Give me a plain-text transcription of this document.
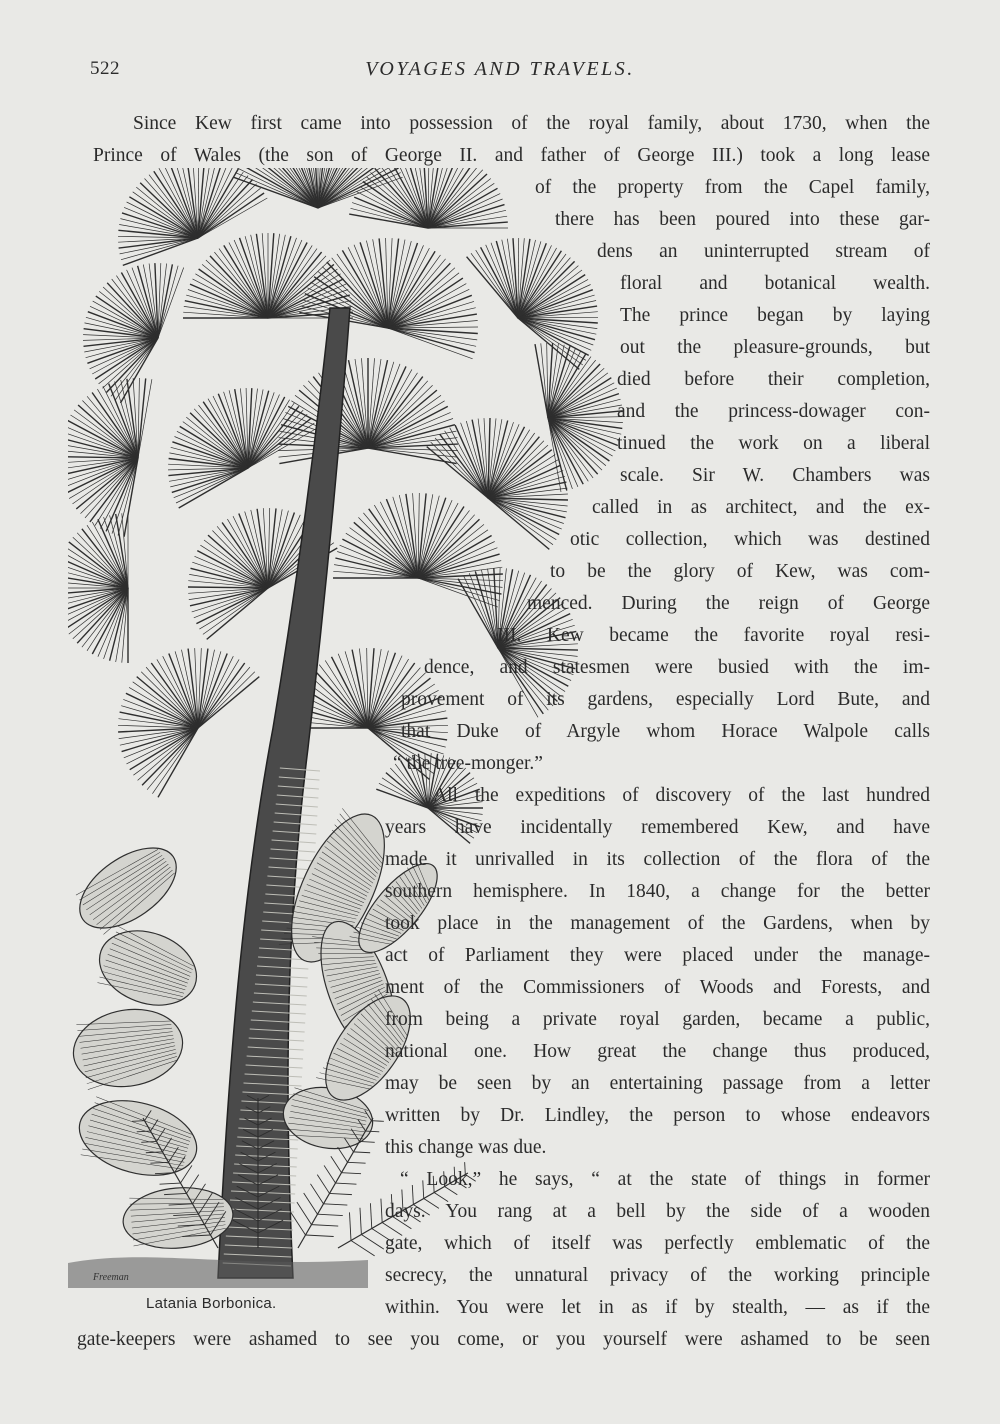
522	VOYAGES AND TRAVELS.
Freeman
Latania Borbonica.
Since Kew first came into possession of the royal family, about 1730, when the
Prince of Wales (the son of George II. and father of George III.) took a long lease
of the property from the Capel family,
there has been poured into these gar-
dens an uninterrupted stream of
floral and botanical wealth.
The prince began by laying
out the pleasure-grounds, but
died before their completion,
and the princess-dowager con-
tinued the work on a liberal
scale. Sir W. Chambers was
called in as architect, and the ex-
otic collection, which was destined
to be the glory of Kew, was com-
menced. During the reign of George
III. Kew became the favorite royal resi-
dence, and statesmen were busied with the im-
provement of its gardens, especially Lord Bute, and
that Duke of Argyle whom Horace Walpole calls
“ the tree-monger.”
All the expeditions of discovery of the last hundred
years have incidentally remembered Kew, and have
made it unrivalled in its collection of the flora of the
southern hemisphere. In 1840, a change for the better
took place in the management of the Gardens, when by
act of Parliament they were placed under the manage-
ment of the Commissioners of Woods and Forests, and
from being a private royal garden, became a public,
national one. How great the change thus produced,
may be seen by an entertaining passage from a letter
written by Dr. Lindley, the person to whose endeavors
this change was due.
“ Look,” he says, “ at the state of things in former
days. You rang at a bell by the side of a wooden
gate, which of itself was perfectly emblematic of the
secrecy, the unnatural privacy of the working principle
within. You were let in as if by stealth, — as if the
gate-keepers were ashamed to see you come, or you yourself were ashamed to be seen
